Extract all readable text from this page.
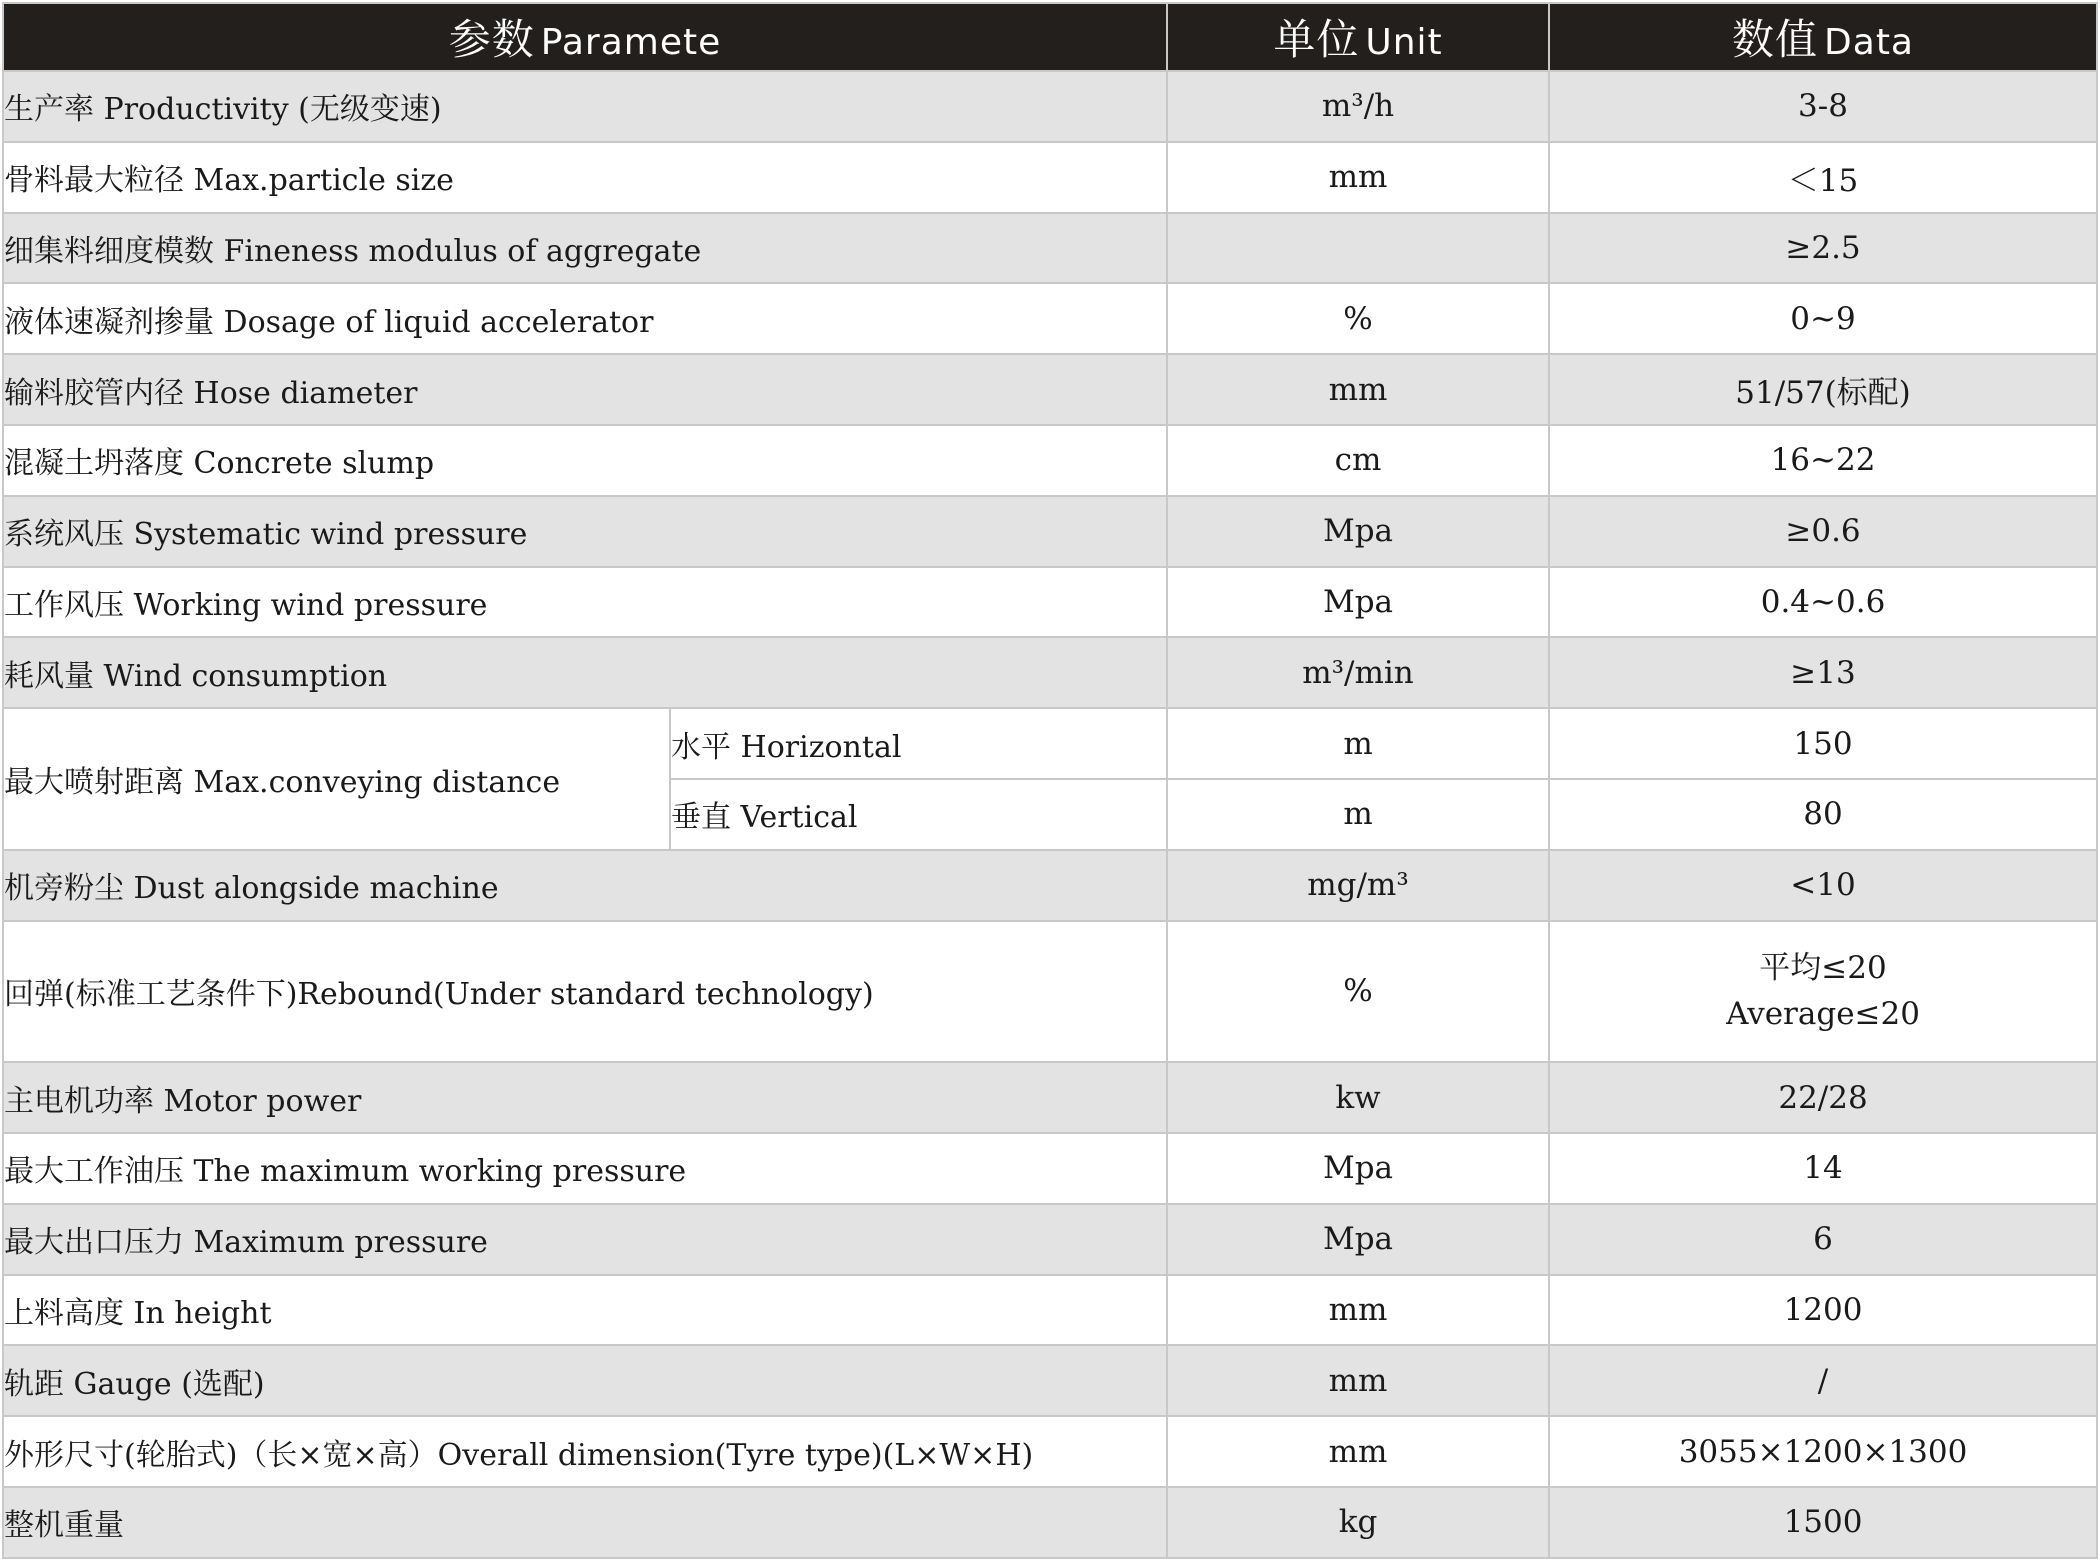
参数 Paramete		单位 Unit	数值 Data
生产率 Productivity (无级变速)		m³/h	3-8
骨料最大粒径 Max.particle size		mm	＜15
细集料细度模数 Fineness modulus of aggregate			≥2.5
液体速凝剂掺量 Dosage of liquid accelerator		%	0~9
输料胶管内径 Hose diameter		mm	51/57(标配)
混凝土坍落度 Concrete slump		cm	16~22
系统风压 Systematic wind pressure		Mpa	≥0.6
工作风压 Working wind pressure		Mpa	0.4~0.6
耗风量 Wind consumption		m³/min	≥13
最大喷射距离 Max.conveying distance	水平 Horizontal	m	150
	垂直 Vertical	m	80
机旁粉尘 Dust alongside machine		mg/m³	<10
回弹(标准工艺条件下)Rebound(Under standard technology)		%	平均≤20
Average≤20

主电机功率 Motor power		kw	22/28
最大工作油压 The maximum working pressure		Mpa	14
最大出口压力 Maximum pressure		Mpa	6
上料高度 In height		mm	1200
轨距 Gauge (选配)		mm	/
外形尺寸(轮胎式)（长×宽×高）Overall dimension(Tyre type)(L×W×H)		mm	3055×1200×1300
整机重量		kg	1500
